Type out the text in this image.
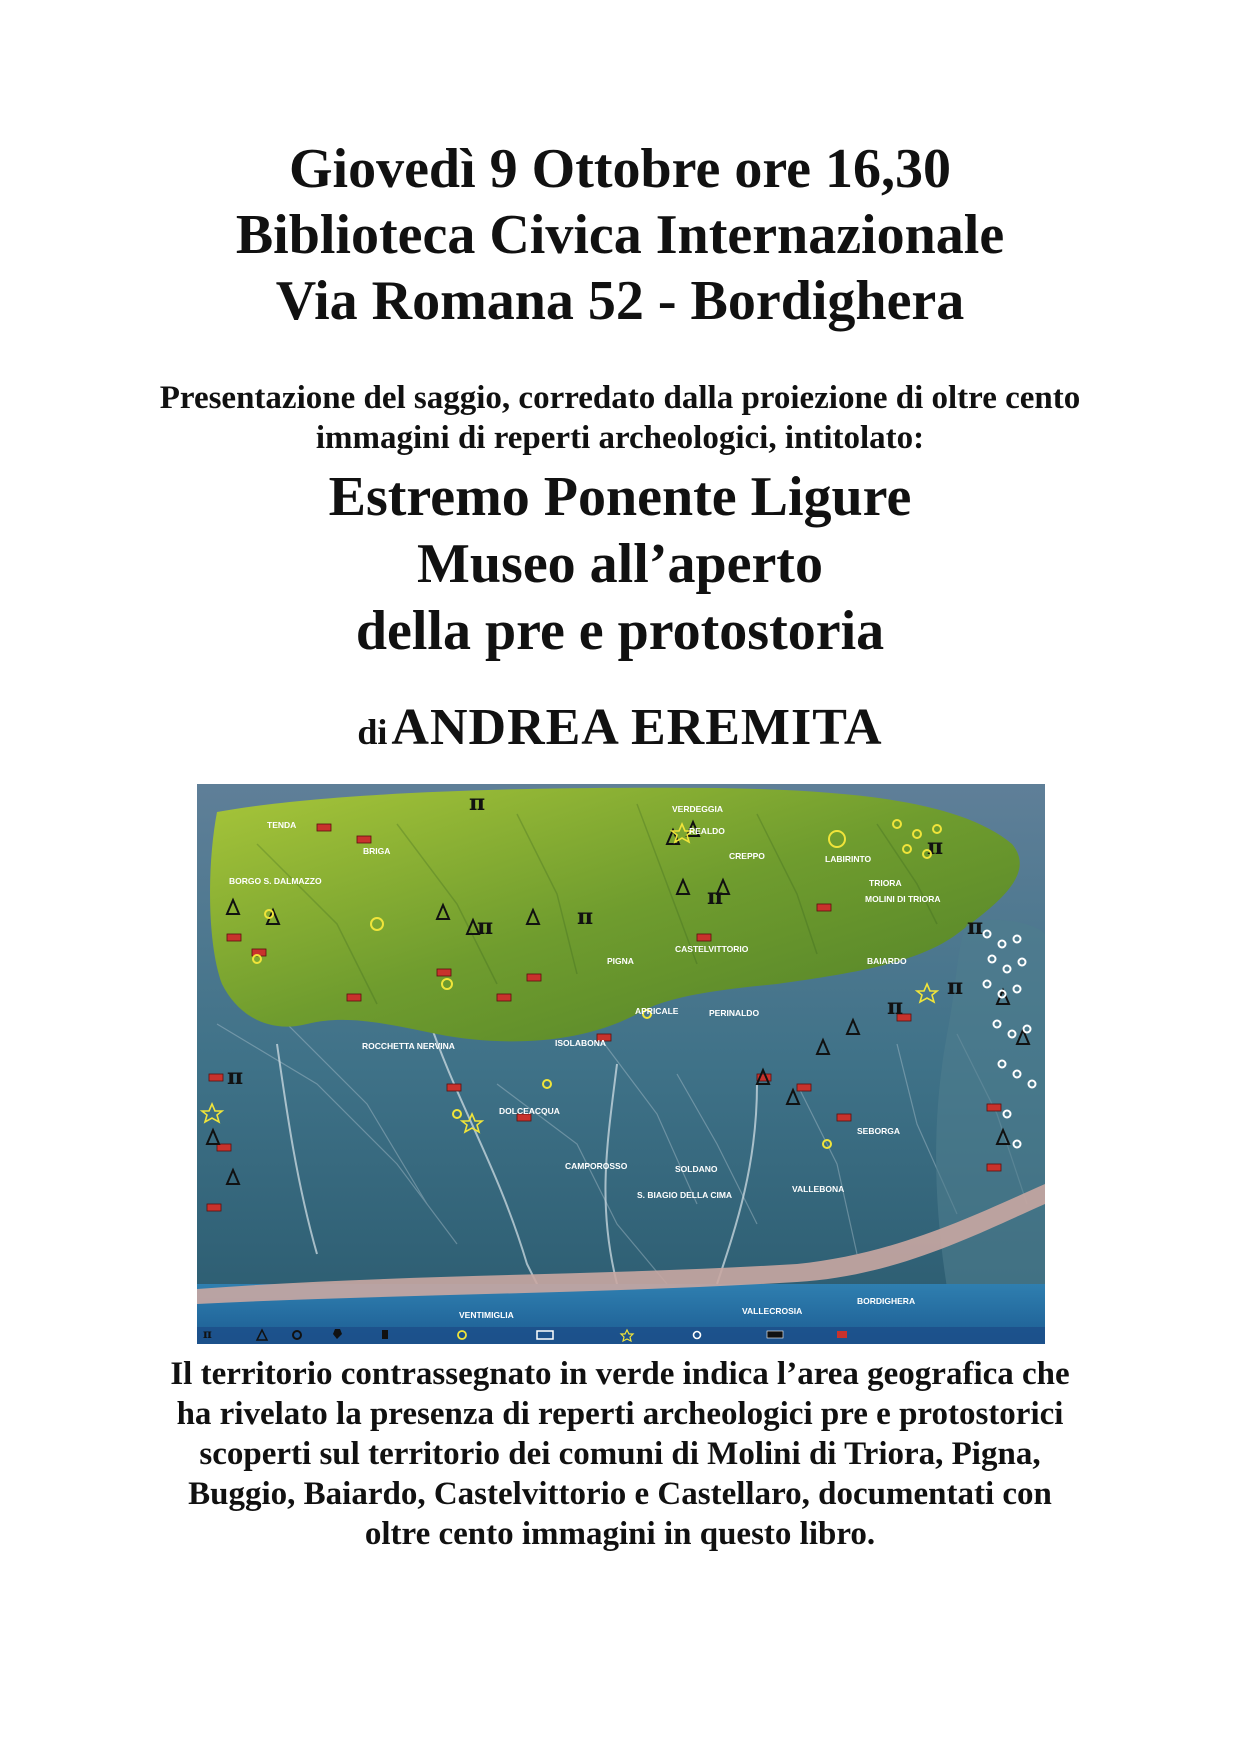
Giovedì 9 Ottobre ore 16,30
Biblioteca Civica Internazionale
Via Romana 52 - Bordighera
Presentazione del saggio, corredato dalla proiezione di oltre cento
immagini di reperti archeologici, intitolato:
Estremo Ponente Ligure
Museo all’aperto
della pre e protostoria
di ANDREA EREMITA
π
π	π
π
π
π
π
π
π
TENDA
BRIGA
BORGO S. DALMAZZO
VERDEGGIA
REALDO
CREPPO	LABIRINTO
TRIORA
MOLINI DI TRIORA
PIGNA
CASTELVITTORIO
BAIARDO
ROCCHETTA NERVINA	ISOLABONA
APRICALE	PERINALDO
DOLCEACQUA
CAMPOROSSO	SOLDANO
S. BIAGIO DELLA CIMA
VALLEBONA
SEBORGA
VENTIMIGLIA	VALLECROSIA
BORDIGHERA
π
Il territorio contrassegnato in verde indica l’area geografica che
ha rivelato la presenza di reperti archeologici pre e protostorici
scoperti sul territorio dei comuni di Molini di Triora, Pigna,
Buggio, Baiardo, Castelvittorio e Castellaro, documentati con
oltre cento immagini in questo libro.
